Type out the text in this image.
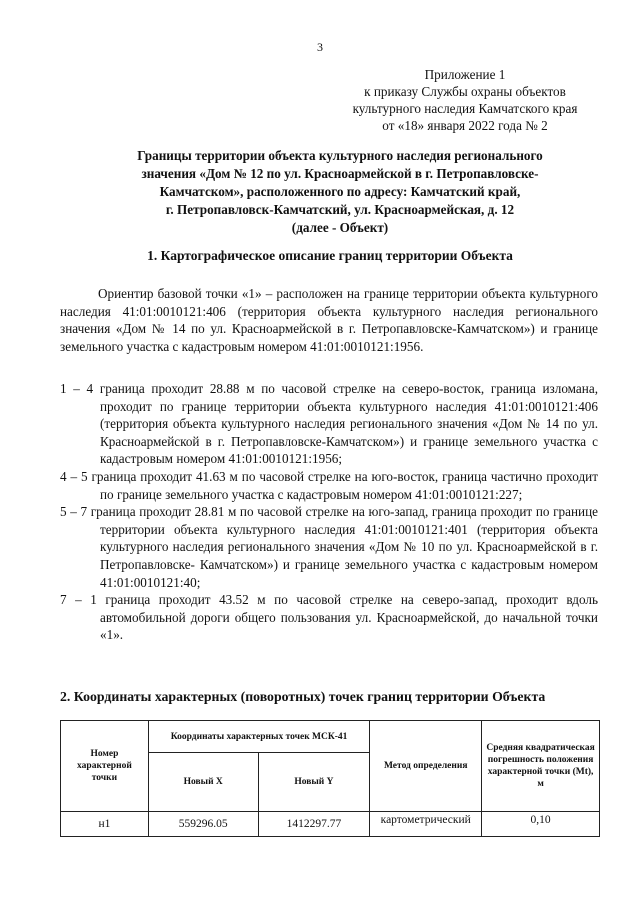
3
Приложение 1
к приказу Службы охраны объектов
культурного наследия Камчатского края
от «18» января 2022 года № 2
Границы территории объекта культурного наследия регионального
значения «Дом № 12 по ул. Красноармейской в г. Петропавловске-
Камчатском», расположенного по адресу: Камчатский край,
г. Петропавловск-Камчатский, ул. Красноармейская, д. 12
(далее - Объект)
1. Картографическое описание границ территории Объекта
Ориентир базовой точки «1» – расположен на границе территории объекта культурного наследия 41:01:0010121:406 (территория объекта культурного наследия регионального значения «Дом № 14 по ул. Красноармейской в г. Петропавловске-Камчатском») и границе земельного участка с кадастровым номером 41:01:0010121:1956.
1 – 4 граница проходит 28.88 м по часовой стрелке на северо-восток, граница изломана, проходит по границе территории объекта культурного наследия 41:01:0010121:406 (территория объекта культурного наследия регионального значения «Дом № 14 по ул. Красноармейской в г. Петропавловске-Камчатском») и границе земельного участка с кадастровым номером 41:01:0010121:1956;
4 – 5 граница проходит 41.63 м по часовой стрелке на юго-восток, граница частично проходит по границе земельного участка с кадастровым номером 41:01:0010121:227;
5 – 7 граница проходит 28.81 м по часовой стрелке на юго-запад, граница проходит по границе территории объекта культурного наследия 41:01:0010121:401 (территория объекта культурного наследия регионального значения «Дом № 10 по ул. Красноармейской в г. Петропавловске- Камчатском») и границе земельного участка с кадастровым номером 41:01:0010121:40;
7 – 1 граница проходит 43.52 м по часовой стрелке на северо-запад, проходит вдоль автомобильной дороги общего пользования ул. Красноармейской, до начальной точки «1».
2. Координаты характерных (поворотных) точек границ территории Объекта
Номер характерной точки	Координаты характерных точек МСК-41		Метод определения	Средняя квадратическая погрешность положения характерной точки (Mt), м
	Новый X	Новый Y		
н1	559296.05	1412297.77	картометрический	0,10
